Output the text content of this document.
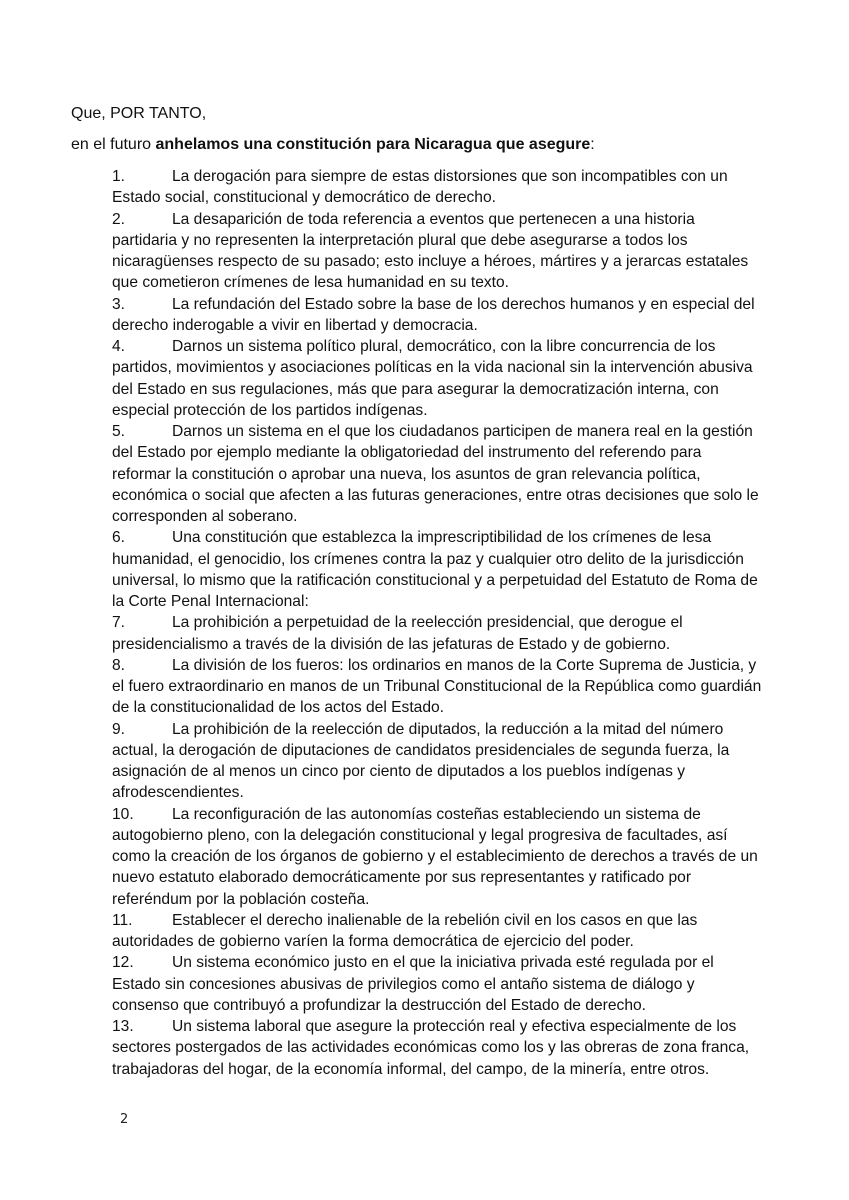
Que, POR TANTO,

en el futuro anhelamos una constitución para Nicaragua que asegure:

1.	La derogación para siempre de estas distorsiones que son incompatibles con un Estado social, constitucional y democrático de derecho.
2.	La desaparición de toda referencia a eventos que pertenecen a una historia partidaria y no representen la interpretación plural que debe asegurarse a todos los nicaragüenses respecto de su pasado; esto incluye a héroes, mártires y a jerarcas estatales que cometieron crímenes de lesa humanidad en su texto.
3.	La refundación del Estado sobre la base de los derechos humanos y en especial del derecho inderogable a vivir en libertad y democracia.
4.	Darnos un sistema político plural, democrático, con la libre concurrencia de los partidos, movimientos y asociaciones políticas en la vida nacional sin la intervención abusiva del Estado en sus regulaciones, más que para asegurar la democratización interna, con especial protección de los partidos indígenas.
5.	Darnos un sistema en el que los ciudadanos participen de manera real en la gestión del Estado por ejemplo mediante la obligatoriedad del instrumento del referendo para reformar la constitución o aprobar una nueva, los asuntos de gran relevancia política, económica o social que afecten a las futuras generaciones, entre otras decisiones que solo le corresponden al soberano.
6.	Una constitución que establezca la imprescriptibilidad de los crímenes de lesa humanidad, el genocidio, los crímenes contra la paz y cualquier otro delito de la jurisdicción universal, lo mismo que la ratificación constitucional y a perpetuidad del Estatuto de Roma de la Corte Penal Internacional:
7.	La prohibición a perpetuidad de la reelección presidencial, que derogue el presidencialismo a través de la división de las jefaturas de Estado y de gobierno.
8.	La división de los fueros: los ordinarios en manos de la Corte Suprema de Justicia, y el fuero extraordinario en manos de un Tribunal Constitucional de la República como guardián de la constitucionalidad de los actos del Estado.
9.	La prohibición de la reelección de diputados, la reducción a la mitad del número actual, la derogación de diputaciones de candidatos presidenciales de segunda fuerza, la asignación de al menos un cinco por ciento de diputados a los pueblos indígenas y afrodescendientes.
10. La reconfiguración de las autonomías costeñas estableciendo un sistema de autogobierno pleno, con la delegación constitucional y legal progresiva de facultades, así como la creación de los órganos de gobierno y el establecimiento de derechos a través de un nuevo estatuto elaborado democráticamente por sus representantes y ratificado por referéndum por la población costeña.
11.	Establecer el derecho inalienable de la rebelión civil en los casos en que las autoridades de gobierno varíen la forma democrática de ejercicio del poder.
12. Un sistema económico justo en el que la iniciativa privada esté regulada por el Estado sin concesiones abusivas de privilegios como el antaño sistema de diálogo y consenso que contribuyó a profundizar la destrucción del Estado de derecho.
13. Un sistema laboral que asegure la protección real y efectiva especialmente de los sectores postergados de las actividades económicas como los y las obreras de zona franca, trabajadoras del hogar, de la economía informal, del campo, de la minería, entre otros.
2
